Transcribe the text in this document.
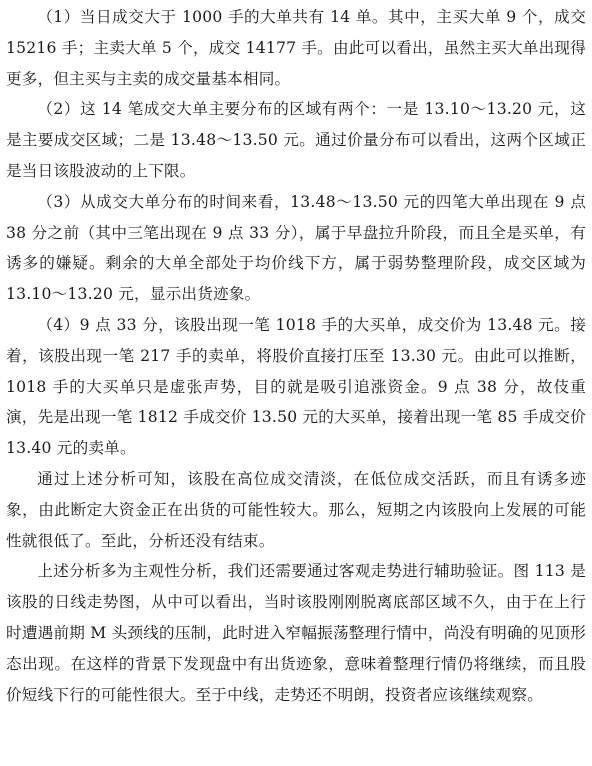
（1）当日成交大于 1000 手的大单共有 14 单。其中，主买大单 9 个，成交 15216 手；主卖大单 5 个，成交 14177 手。由此可以看出，虽然主买大单出现得更多，但主买与主卖的成交量基本相同。

（2）这 14 笔成交大单主要分布的区域有两个：一是 13.10～13.20 元，这是主要成交区域；二是 13.48～13.50 元。通过价量分布可以看出，这两个区域正是当日该股波动的上下限。

（3）从成交大单分布的时间来看，13.48～13.50 元的四笔大单出现在 9 点 38 分之前（其中三笔出现在 9 点 33 分），属于早盘拉升阶段，而且全是买单，有诱多的嫌疑。剩余的大单全部处于均价线下方，属于弱势整理阶段，成交区域为 13.10～13.20 元，显示出货迹象。

（4）9 点 33 分，该股出现一笔 1018 手的大买单，成交价为 13.48 元。接着，该股出现一笔 217 手的卖单，将股价直接打压至 13.30 元。由此可以推断，1018 手的大买单只是虚张声势，目的就是吸引追涨资金。9 点 38 分，故伎重演，先是出现一笔 1812 手成交价 13.50 元的大买单，接着出现一笔 85 手成交价 13.40 元的卖单。

通过上述分析可知，该股在高位成交清淡，在低位成交活跃，而且有诱多迹象，由此断定大资金正在出货的可能性较大。那么，短期之内该股向上发展的可能性就很低了。至此，分析还没有结束。

上述分析多为主观性分析，我们还需要通过客观走势进行辅助验证。图 113 是该股的日线走势图，从中可以看出，当时该股刚刚脱离底部区域不久，由于在上行时遭遇前期 M 头颈线的压制，此时进入窄幅振荡整理行情中，尚没有明确的见顶形态出现。在这样的背景下发现盘中有出货迹象，意味着整理行情仍将继续，而且股价短线下行的可能性很大。至于中线，走势还不明朗，投资者应该继续观察。
